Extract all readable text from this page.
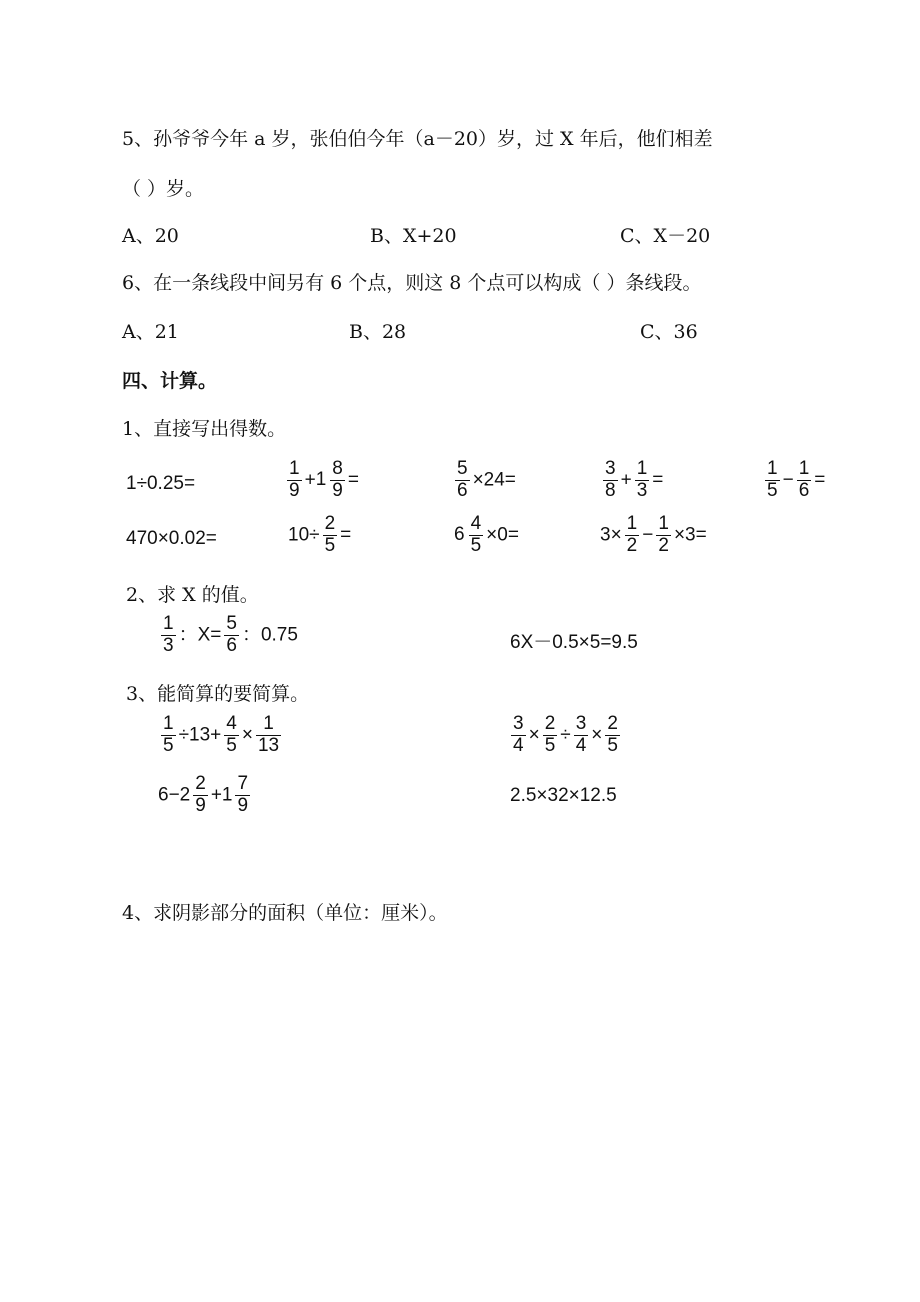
5、孙爷爷今年 a 岁，张伯伯今年（a－20）岁，过 X 年后，他们相差
（ ）岁。
A、20	B、X+20	C、X－20
6、在一条线段中间另有 6 个点，则这 8 个点可以构成（ ）条线段。
A、21	B、28	C、36
四、计算。
1、直接写出得数。
1÷0.25=	$\frac{1}{9} +1 \frac{8}{9}$ =	$\frac{5}{6} \times 24=$	$\frac{3}{8} + \frac{1}{3}$ =	$\frac{1}{5} - \frac{1}{6}$ =
470×0.02=	$10\div \frac{2}{5}$ =	$6 \frac{4}{5} \times 0=$	$3\times \frac{1}{2} - \frac{1}{2} \times 3=$
2、求 X 的值。
$\frac{1}{3}$ ：$X= \frac{5}{6}$ ：0.75	6X－0.5×5=9.5
3、能简算的要简算。
$\frac{1}{5} \div 13+ \frac{4}{5} \times \frac{1}{13}$	$\frac{3}{4} \times \frac{2}{5} \div \frac{3}{4} \times \frac{2}{5}$
$6-2 \frac{2}{9} +1 \frac{7}{9}$	2.5×32×12.5
4、求阴影部分的面积（单位：厘米）。
